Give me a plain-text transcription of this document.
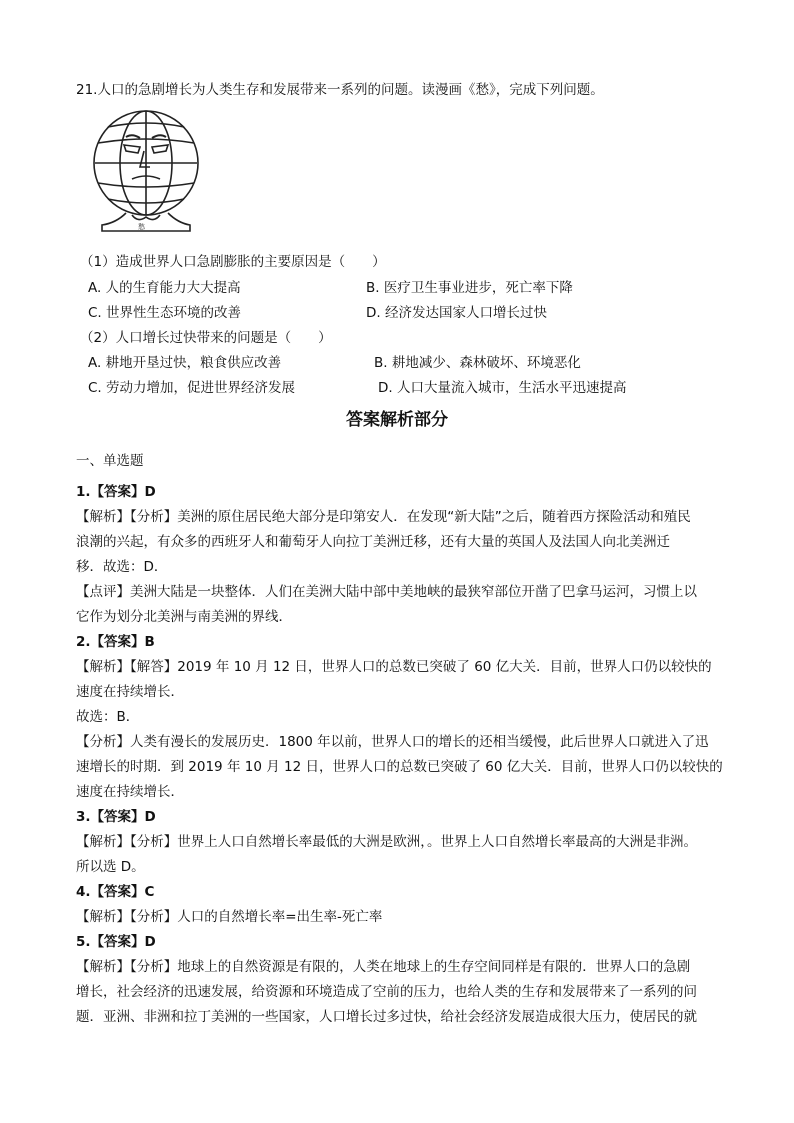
21.人口的急剧增长为人类生存和发展带来一系列的问题。读漫画《愁》，完成下列问题。
愁
（1）造成世界人口急剧膨胀的主要原因是（　　）
A. 人的生育能力大大提高	B. 医疗卫生事业进步，死亡率下降
C. 世界性生态环境的改善	D. 经济发达国家人口增长过快
（2）人口增长过快带来的问题是（　　）
A. 耕地开垦过快，粮食供应改善	B. 耕地减少、森林破坏、环境恶化
C. 劳动力增加，促进世界经济发展	D. 人口大量流入城市，生活水平迅速提高
答案解析部分
一、单选题
1.【答案】D
【解析】【分析】美洲的原住居民绝大部分是印第安人．在发现“新大陆”之后，随着西方探险活动和殖民
浪潮的兴起，有众多的西班牙人和葡萄牙人向拉丁美洲迁移，还有大量的英国人及法国人向北美洲迁
移．故选：D．
【点评】美洲大陆是一块整体．人们在美洲大陆中部中美地峡的最狭窄部位开凿了巴拿马运河，习惯上以
它作为划分北美洲与南美洲的界线．
2.【答案】B
【解析】【解答】2019 年 10 月 12 日，世界人口的总数已突破了 60 亿大关．目前，世界人口仍以较快的
速度在持续增长．
故选：B．
【分析】人类有漫长的发展历史．1800 年以前，世界人口的增长的还相当缓慢，此后世界人口就进入了迅
速增长的时期．到 2019 年 10 月 12 日，世界人口的总数已突破了 60 亿大关．目前，世界人口仍以较快的
速度在持续增长．
3.【答案】D
【解析】【分析】世界上人口自然增长率最低的大洲是欧洲，。世界上人口自然增长率最高的大洲是非洲。
所以选 D。
4.【答案】C
【解析】【分析】人口的自然增长率=出生率-死亡率
5.【答案】D
【解析】【分析】地球上的自然资源是有限的，人类在地球上的生存空间同样是有限的．世界人口的急剧
增长，社会经济的迅速发展，给资源和环境造成了空前的压力，也给人类的生存和发展带来了一系列的问
题．亚洲、非洲和拉丁美洲的一些国家，人口增长过多过快，给社会经济发展造成很大压力，使居民的就
